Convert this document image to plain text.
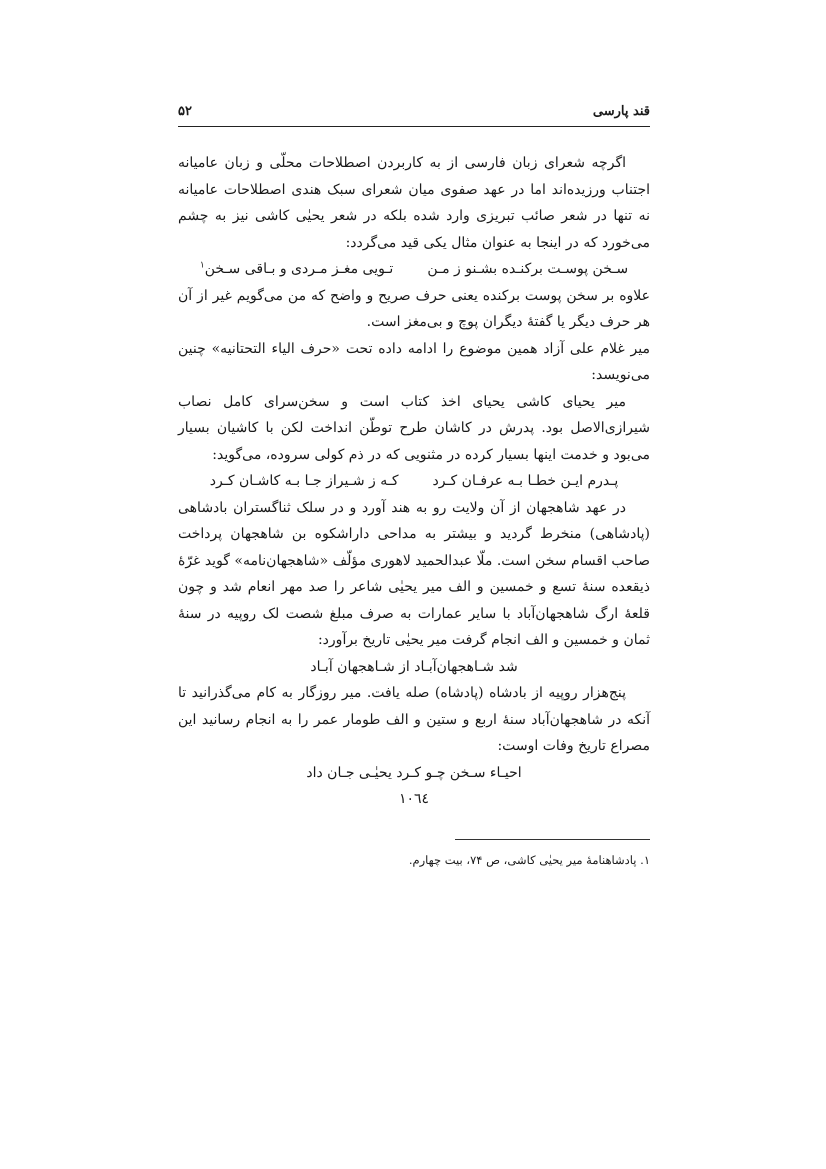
قند پارسی
۵۲

اگرچه شعرای زبان فارسی از به کاربردن اصطلاحات محلّی و زبان عامیانه اجتناب ورزیده‌اند اما در عهد صفوی میان شعرای سبک هندی اصطلاحات عامیانه نه تنها در شعر صائب تبریزی وارد شده بلکه در شعر یحیٰی کاشی نیز به چشم می‌خورد که در اینجا به عنوان مثال یکی قید می‌گردد:

سـخن پوسـت برکنـده بشـنو ز مـنتـویی مغـز مـردی و بـاقی سـخن$^۱$

علاوه بر سخن پوست برکنده یعنی حرف صریح و واضح که من می‌گویم غیر از آن هر حرف دیگر یا گفتهٔ دیگران پوچ و بی‌مغز است.

میر غلام علی آزاد همین موضوع را ادامه داده تحت «حرف الیاء التحتانیه» چنین می‌نویسد:

میر یحیای کاشی یحیای اخذ کتاب است و سخن‌سرای کامل نصاب شیرازی‌الاصل بود. پدرش در کاشان طرح توطّن انداخت لکن با کاشیان بسیار می‌بود و خدمت اینها بسیار کرده در مثنویی که در ذم کولی سروده، می‌گوید:

پـدرم ایـن خطـا بـه عرفـان کـردکـه ز شـیراز جـا بـه کاشـان کـرد

در عهد شاهجهان از آن ولایت رو به هند آورد و در سلک ثناگستران بادشاهی (پادشاهی) منخرط گردید و بیشتر به مداحی داراشکوه بن شاهجهان پرداخت صاحب اقسام سخن است. ملّا عبدالحمید لاهوری مؤلّف «شاهجهان‌نامه» گوید غرّهٔ ذیقعده سنهٔ تسع و خمسین و الف میر یحیٰی شاعر را صد مهر انعام شد و چون قلعهٔ ارگ شاهجهان‌آباد با سایر عمارات به صرف مبلغ شصت لک روپیه در سنهٔ ثمان و خمسین و الف انجام گرفت میر یحیٰی تاریخ برآورد:

شد شـاهجهان‌آبـاد از شـاهجهان آبـاد

پنج‌هزار روپیه از بادشاه (پادشاه) صله یافت. میر روزگار به کام می‌گذرانید تا آنکه در شاهجهان‌آباد سنهٔ اربع و ستین و الف طومار عمر را به انجام رسانید این مصراع تاریخ وفات اوست:

احیـاء سـخن چـو کـرد یحیٰـی جـان داد

۱۰٦٤

۱. پادشاهنامهٔ میر یحیٰی کاشی، ص ۷۴، بیت چهارم.
